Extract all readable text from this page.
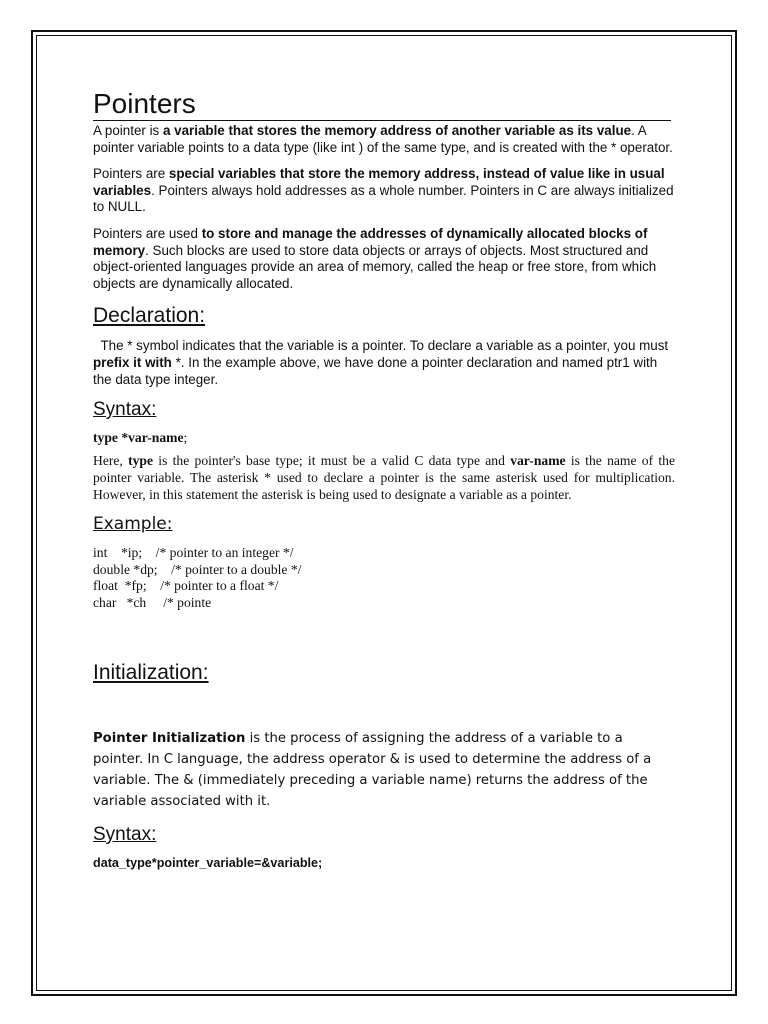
Pointers

A pointer is a variable that stores the memory address of another variable as its value. A pointer variable points to a data type (like int ) of the same type, and is created with the * operator.

Pointers are special variables that store the memory address, instead of value like in usual variables. Pointers always hold addresses as a whole number. Pointers in C are always initialized to NULL.

Pointers are used to store and manage the addresses of dynamically allocated blocks of memory. Such blocks are used to store data objects or arrays of objects. Most structured and object-oriented languages provide an area of memory, called the heap or free store, from which objects are dynamically allocated.

Declaration:

The * symbol indicates that the variable is a pointer. To declare a variable as a pointer, you must prefix it with *. In the example above, we have done a pointer declaration and named ptr1 with the data type integer.

Syntax:

type *var-name;

Here, type is the pointer's base type; it must be a valid C data type and var-name is the name of the pointer variable. The asterisk * used to declare a pointer is the same asterisk used for multiplication. However, in this statement the asterisk is being used to designate a variable as a pointer.

Example:

int    *ip;    /* pointer to an integer */

double *dp;    /* pointer to a double */

float  *fp;    /* pointer to a float */

char   *ch     /* pointe

Initialization:

Pointer Initialization is the process of assigning the address of a variable to a pointer. In C language, the address operator & is used to determine the address of a variable. The & (immediately preceding a variable name) returns the address of the variable associated with it.

Syntax:

data_type*pointer_variable=&variable;
